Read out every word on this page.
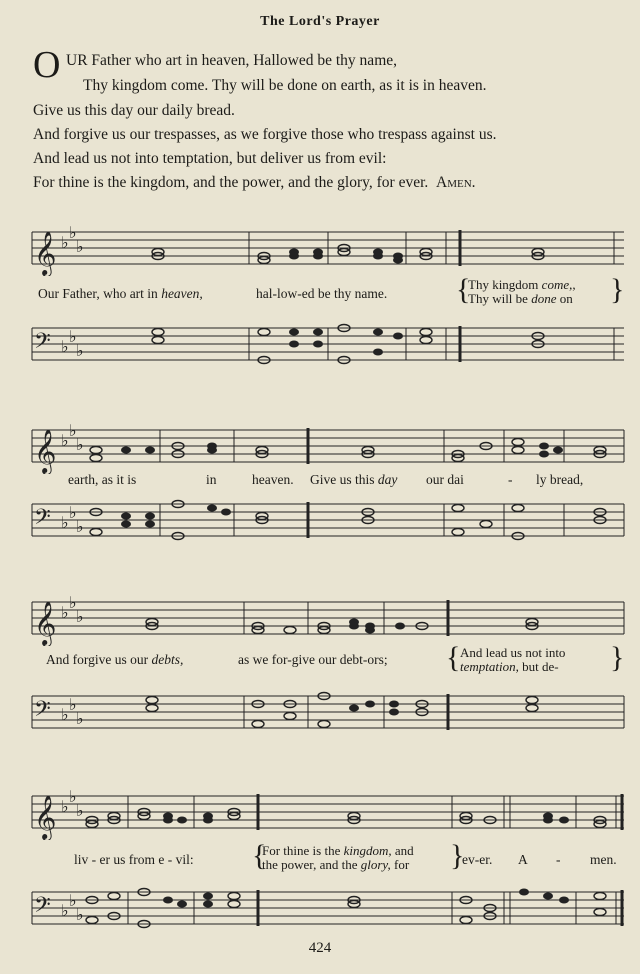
The Lord's Prayer
O UR Father who art in heaven, Hallowed be thy name,
Thy kingdom come. Thy will be done on earth, as it is in heaven.
Give us this day our daily bread.
And forgive us our trespasses, as we forgive those who trespass against us.
And lead us not into temptation, but deliver us from evil:
For thine is the kingdom, and the power, and the glory, for ever. Amen.
𝄞 ♭
♭
♭
Our Father, who art in heaven,	hal-low-ed be thy name. {
Thy kingdom come,,
Thy will be done on }
𝄢 ♭
♭
♭
𝄞 ♭
♭
♭
earth, as it is	in	heaven. Give us this day our dai	- ly bread,
𝄢 ♭
♭
♭
𝄞 ♭
♭
♭
And forgive us our debts,	as we for-give our debt-ors; { And lead us not into
temptation, but de- }
𝄢 ♭
♭
♭
𝄞 ♭
♭
♭
liv - er us from e - vil: {
For thine is the kingdom, and
the power, and the glory, for }
ev-er. A - men.
𝄢 ♭
♭
♭
424
